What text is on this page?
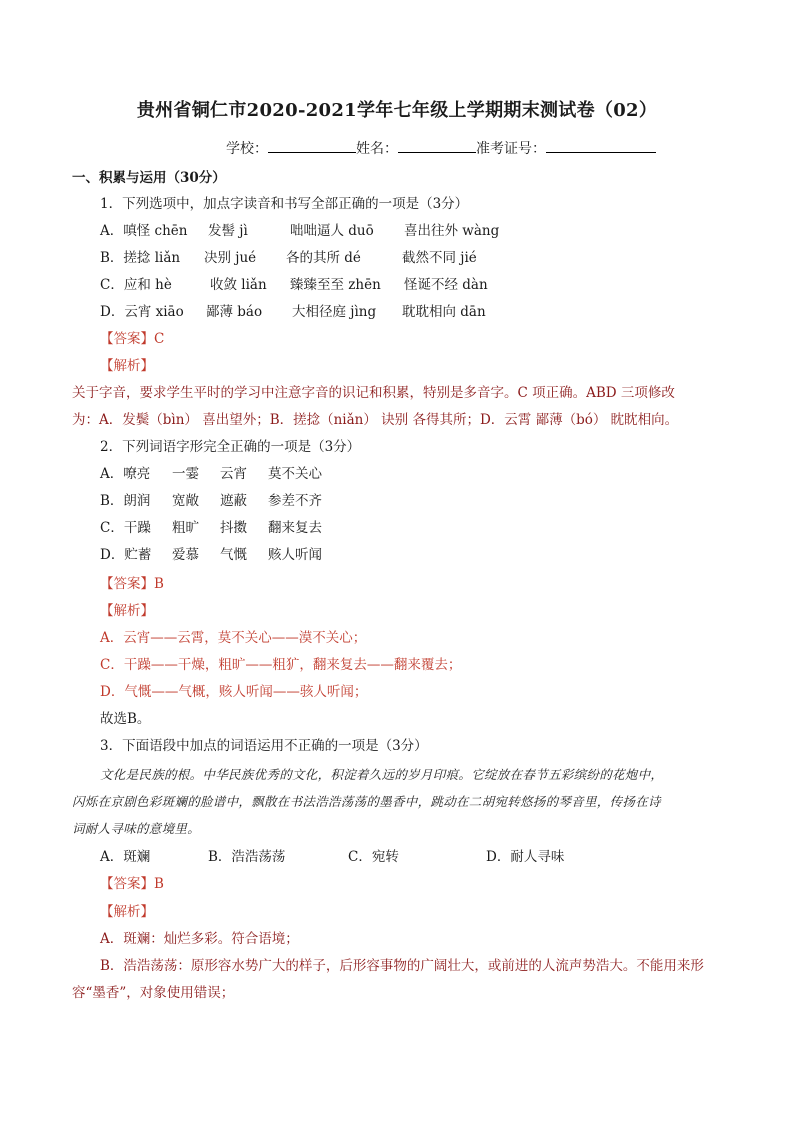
贵州省铜仁市2020-2021学年七年级上学期期末测试卷（02）
学校：	姓名：	准考证号：
一、积累与运用（30分）
1．下列选项中，加点字读音和书写全部正确的一项是（3分）
A．嗔怪 chēn 发髻 jì	咄咄逼人 duō 喜出往外 wàng
B．搓捻 liǎn 决别 jué 各的其所 dé	截然不同 jié
C．应和 hè	收敛 liǎn 臻臻至至 zhēn 怪诞不经 dàn
D．云宵 xiāo 鄙薄 báo 大相径庭 jìng 耽耽相向 dān
【答案】C
【解析】
关于字音，要求学生平时的学习中注意字音的识记和积累，特别是多音字。C 项正确。ABD 三项修改
为：A．发鬓（bìn） 喜出望外；B．搓捻（niǎn） 诀别 各得其所；D．云霄 鄙薄（bó） 眈眈相向。
2．下列词语字形完全正确的一项是（3分）
A．嘹亮 一霎 云宵 莫不关心
B．朗润 宽敞 遮蔽 参差不齐
C．干躁 粗旷 抖擞 翻来复去
D．贮蓄 爱慕 气慨 赅人听闻
【答案】B
【解析】
A．云宵——云霄，莫不关心——漠不关心；
C．干躁——干燥，粗旷——粗犷，翻来复去——翻来覆去；
D．气慨——气概，赅人听闻——骇人听闻；
故选B。
3．下面语段中加点的词语运用不正确的一项是（3分）
文化是民族的根。中华民族优秀的文化，积淀着久远的岁月印痕。它绽放在春节五彩缤纷的花炮中，
闪烁在京剧色彩斑斓的脸谱中，飘散在书法浩浩荡荡的墨香中，跳动在二胡宛转悠扬的琴音里，传扬在诗
词耐人寻味的意境里。
A．斑斓	B．浩浩荡荡	C．宛转	D．耐人寻味
【答案】B
【解析】
A．斑斓：灿烂多彩。符合语境；
B．浩浩荡荡：原形容水势广大的样子，后形容事物的广阔壮大，或前进的人流声势浩大。不能用来形
容“墨香”，对象使用错误；
